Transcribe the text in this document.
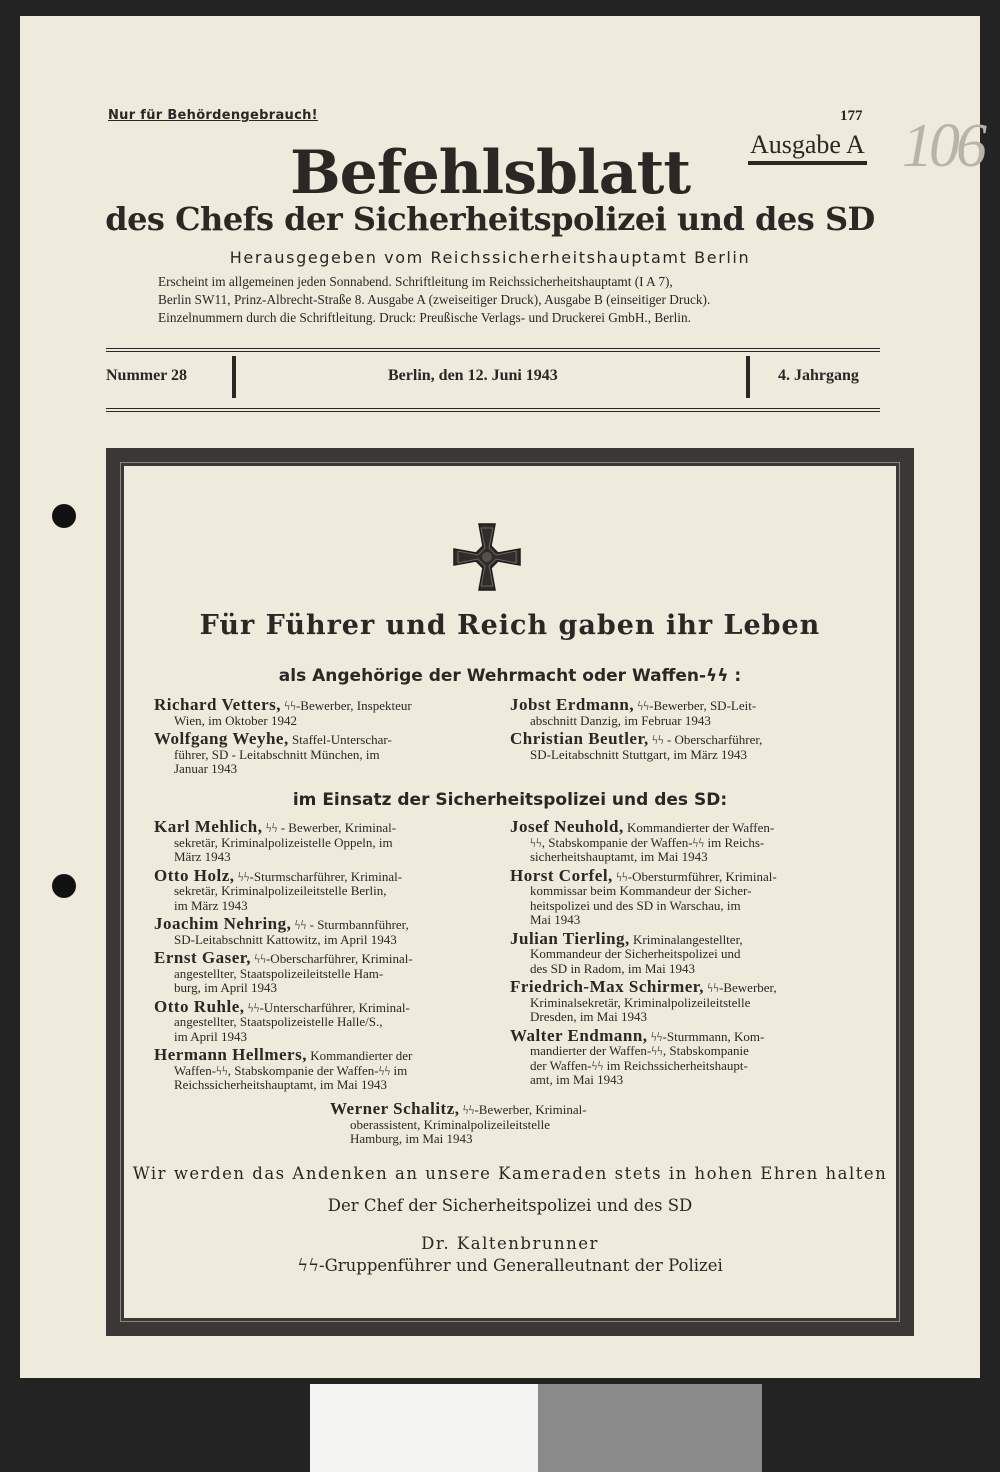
Nur für Behördengebrauch!	177
Ausgabe A 106
Befehlsblatt
des Chefs der Sicherheitspolizei und des SD
Herausgegeben vom Reichssicherheitshauptamt Berlin
Erscheint im allgemeinen jeden Sonnabend. Schriftleitung im Reichssicherheitshauptamt (I A 7),
Berlin SW11, Prinz-Albrecht-Straße 8. Ausgabe A (zweiseitiger Druck), Ausgabe B (einseitiger Druck).
Einzelnummern durch die Schriftleitung. Druck: Preußische Verlags- und Druckerei GmbH., Berlin.
Nummer 28	Berlin, den 12. Juni 1943	4. Jahrgang
Für Führer und Reich gaben ihr Leben
als Angehörige der Wehrmacht oder Waffen-ϟϟ :
Richard Vetters, ϟϟ-Bewerber, Inspekteur
Wien, im Oktober 1942
Wolfgang Weyhe, Staffel-Unterschar-
führer, SD - Leitabschnitt München, im
Januar 1943
Jobst Erdmann, ϟϟ-Bewerber, SD-Leit-
abschnitt Danzig, im Februar 1943
Christian Beutler, ϟϟ - Oberscharführer,
SD-Leitabschnitt Stuttgart, im März 1943
im Einsatz der Sicherheitspolizei und des SD:
Karl Mehlich, ϟϟ - Bewerber, Kriminal-
sekretär, Kriminalpolizeistelle Oppeln, im
März 1943
Otto Holz, ϟϟ-Sturmscharführer, Kriminal-
sekretär, Kriminalpolizeileitstelle Berlin,
im März 1943
Joachim Nehring, ϟϟ - Sturmbannführer,
SD-Leitabschnitt Kattowitz, im April 1943
Ernst Gaser, ϟϟ-Oberscharführer, Kriminal-
angestellter, Staatspolizeileitstelle Ham-
burg, im April 1943
Otto Ruhle, ϟϟ-Unterscharführer, Kriminal-
angestellter, Staatspolizeistelle Halle/S.,
im April 1943
Hermann Hellmers, Kommandierter der
Waffen-ϟϟ, Stabskompanie der Waffen-ϟϟ im
Reichssicherheitshauptamt, im Mai 1943
Josef Neuhold, Kommandierter der Waffen-
ϟϟ, Stabskompanie der Waffen-ϟϟ im Reichs-
sicherheitshauptamt, im Mai 1943
Horst Corfel, ϟϟ-Obersturmführer, Kriminal-
kommissar beim Kommandeur der Sicher-
heitspolizei und des SD in Warschau, im
Mai 1943
Julian Tierling, Kriminalangestellter,
Kommandeur der Sicherheitspolizei und
des SD in Radom, im Mai 1943
Friedrich-Max Schirmer, ϟϟ-Bewerber,
Kriminalsekretär, Kriminalpolizeileitstelle
Dresden, im Mai 1943
Walter Endmann, ϟϟ-Sturmmann, Kom-
mandierter der Waffen-ϟϟ, Stabskompanie
der Waffen-ϟϟ im Reichssicherheitshaupt-
amt, im Mai 1943
Werner Schalitz, ϟϟ-Bewerber, Kriminal-
oberassistent, Kriminalpolizeileitstelle
Hamburg, im Mai 1943
Wir werden das Andenken an unsere Kameraden stets in hohen Ehren halten
Der Chef der Sicherheitspolizei und des SD
Dr. Kaltenbrunner
ϟϟ-Gruppenführer und Generalleutnant der Polizei
